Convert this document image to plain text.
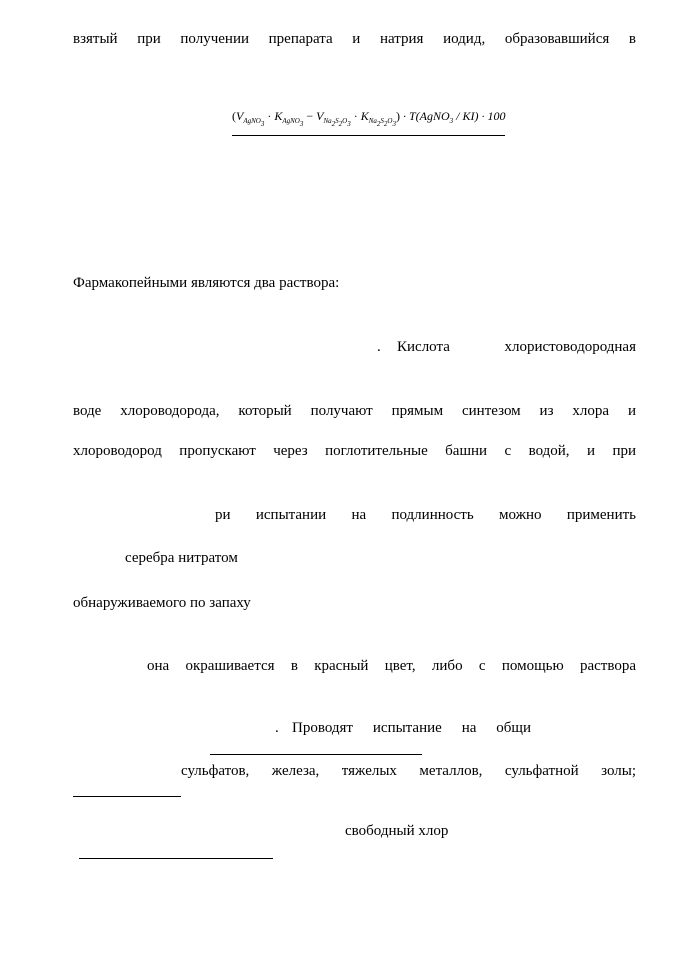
взятый при получении препарата и натрия иодид, образовавшийся в
$(V_{AgNO_3} \cdot K_{AgNO_3} - V_{Na_2S_2O_3} \cdot K_{Na_2S_2O_3})$ · T(AgNO$_3$ / KI) · 100
Фармакопейными являются два раствора:
. Кислота хлористоводородная
воде хлороводорода, который получают прямым синтезом из хлора и
хлороводород пропускают через поглотительные башни с водой, и при
ри испытании на подлинность можно применить
серебра нитратом
обнаруживаемого по запаху
она окрашивается в красный цвет, либо с помощью раствора
. Проводят испытание на общи
сульфатов, железа, тяжелых металлов, сульфатной золы;
свободный хлор
